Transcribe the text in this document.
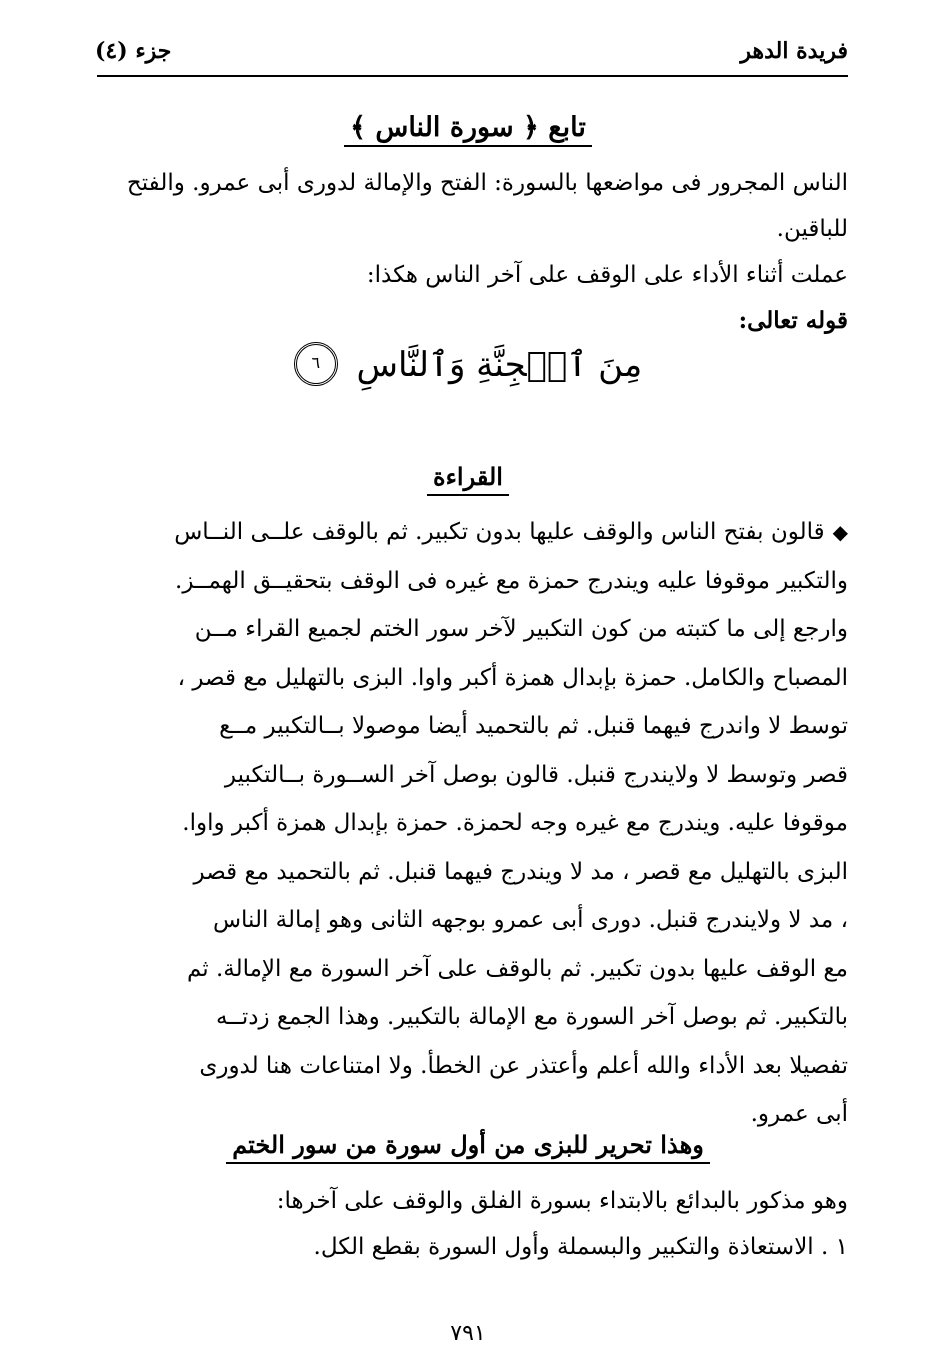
فريدة الدهر
جزء (٤)
تابع ﴿ سورة الناس ﴾
الناس المجرور فى مواضعها بالسورة: الفتح والإمالة لدورى أبى عمرو. والفتح
للباقين.
عملت أثناء الأداء على الوقف على آخر الناس هكذا:
قوله تعالى:
مِنَ ٱلۡجِنَّةِ وَٱلنَّاسِ ٦
القراءة
◆قالون بفتح الناس والوقف عليها بدون تكبير. ثم بالوقف علــى النــاس
والتكبير موقوفا عليه ويندرج حمزة مع غيره فى الوقف بتحقيــق الهمــز.
وارجع إلى ما كتبته من كون التكبير لآخر سور الختم لجميع القراء مــن
المصباح والكامل. حمزة بإبدال همزة أكبر واوا. البزى بالتهليل مع قصر ،
توسط لا واندرج فيهما قنبل. ثم بالتحميد أيضا موصولا بــالتكبير مــع
قصر وتوسط لا ولايندرج قنبل. قالون بوصل آخر الســورة بــالتكبير
موقوفا عليه. ويندرج مع غيره وجه لحمزة. حمزة بإبدال همزة أكبر واوا.
البزى بالتهليل مع قصر ، مد لا ويندرج فيهما قنبل. ثم بالتحميد مع قصر
، مد لا ولايندرج قنبل. دورى أبى عمرو بوجهه الثانى وهو إمالة الناس
مع الوقف عليها بدون تكبير. ثم بالوقف على آخر السورة مع الإمالة. ثم
بالتكبير. ثم بوصل آخر السورة مع الإمالة بالتكبير. وهذا الجمع زدتــه
تفصيلا بعد الأداء والله أعلم وأعتذر عن الخطأ. ولا امتناعات هنا لدورى
أبى عمرو.
وهذا تحرير للبزى من أول سورة من سور الختم
وهو مذكور بالبدائع بالابتداء بسورة الفلق والوقف على آخرها:
١ . الاستعاذة والتكبير والبسملة وأول السورة بقطع الكل.
٧٩١
